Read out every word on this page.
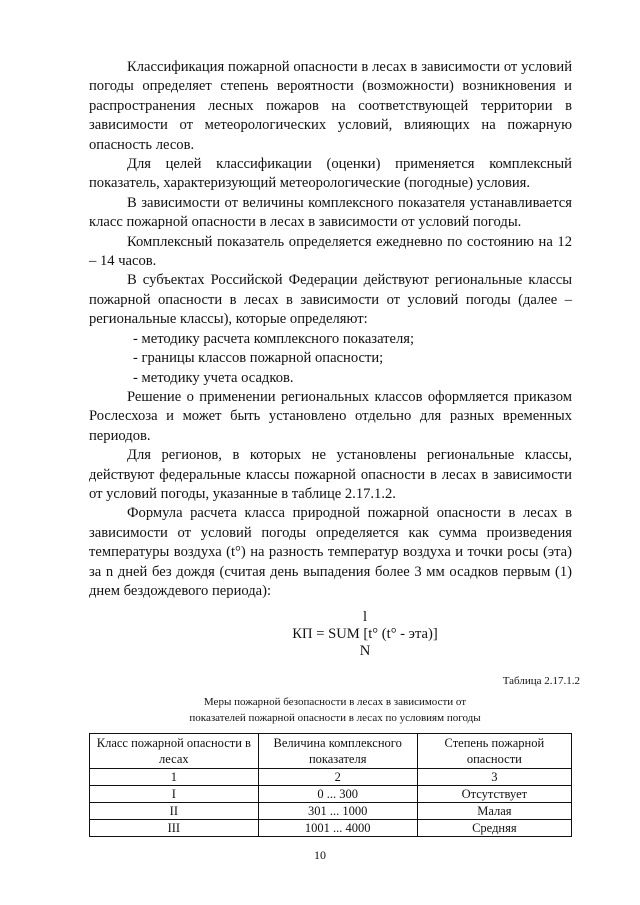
Классификация пожарной опасности в лесах в зависимости от условий погоды определяет степень вероятности (возможности) возникновения и распространения лесных пожаров на соответствующей территории в зависимости от метеорологических условий, влияющих на пожарную опасность лесов.

Для целей классификации (оценки) применяется комплексный показатель, характеризующий метеорологические (погодные) условия.

В зависимости от величины комплексного показателя устанавливается класс пожарной опасности в лесах в зависимости от условий погоды.

Комплексный показатель определяется ежедневно по состоянию на 12 – 14 часов.

В субъектах Российской Федерации действуют региональные классы пожарной опасности в лесах в зависимости от условий погоды (далее – региональные классы), которые определяют:

- методику расчета комплексного показателя;

- границы классов пожарной опасности;

- методику учета осадков.

Решение о применении региональных классов оформляется приказом Рослесхоза и может быть установлено отдельно для разных временных периодов.

Для регионов, в которых не установлены региональные классы, действуют федеральные классы пожарной опасности в лесах в зависимости от условий погоды, указанные в таблице 2.17.1.2.

Формула расчета класса природной пожарной опасности в лесах в зависимости от условий погоды определяется как сумма произведения температуры воздуха (t°) на разность температур воздуха и точки росы (эта) за n дней без дождя (считая день выпадения более 3 мм осадков первым (1) днем бездождевого периода):

l
КП = SUM [t° (t° - эта)]
N
Таблица 2.17.1.2
Меры пожарной безопасности в лесах в зависимости от
показателей пожарной опасности в лесах по условиям погоды
Класс пожарной опасности в лесах	Величина комплексного показателя	Степень пожарной опасности
1	2	3
I	0 ... 300	Отсутствует
II	301 ... 1000	Малая
III	1001 ... 4000	Средняя
10
